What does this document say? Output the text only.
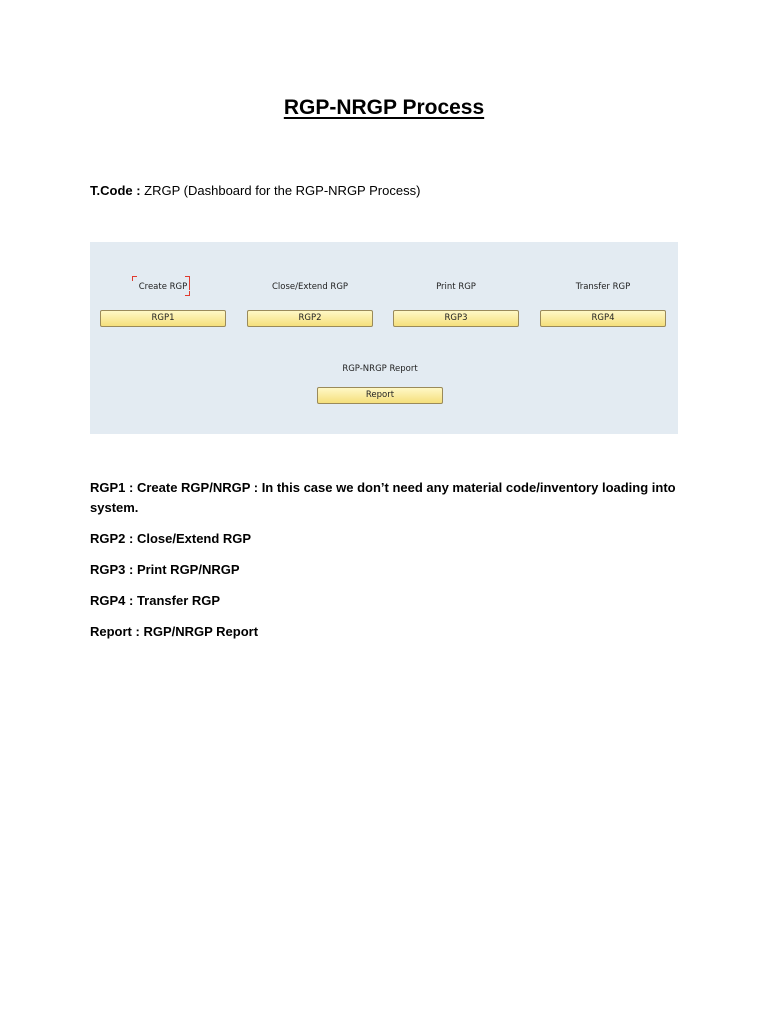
RGP-NRGP Process
T.Code : ZRGP (Dashboard for the RGP-NRGP Process)
Create RGP
RGP1
Close/Extend RGP
RGP2
Print RGP
RGP3
Transfer RGP
RGP4
RGP-NRGP Report
Report

RGP1 : Create RGP/NRGP : In this case we don’t need any material code/inventory loading into system.

RGP2 : Close/Extend RGP

RGP3 : Print RGP/NRGP

RGP4 : Transfer RGP

Report : RGP/NRGP Report
